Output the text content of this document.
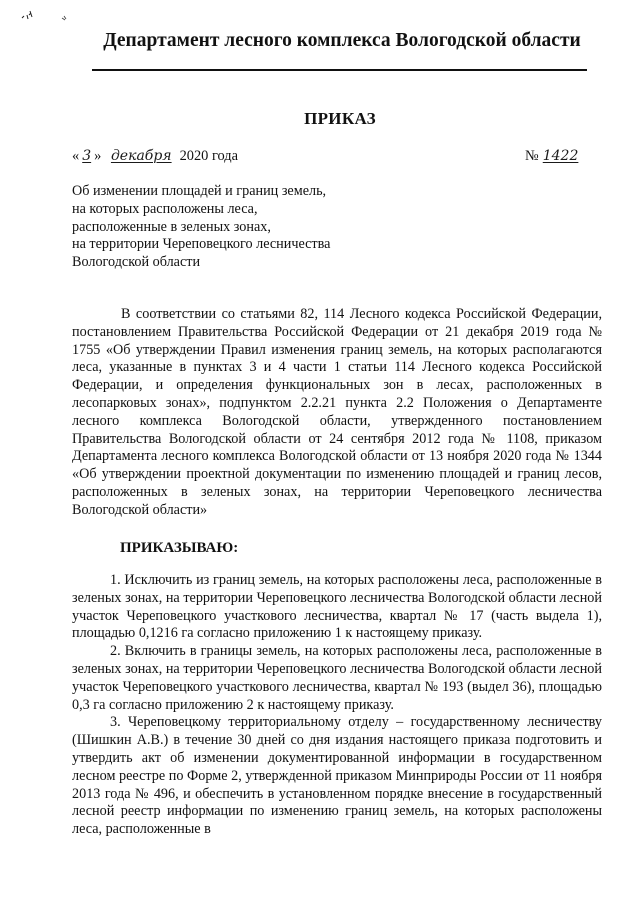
Департамент лесного комплекса Вологодской области
ПРИКАЗ
« 3 » декабря 2020 года	№ 1422
Об изменении площадей и границ земель,
на которых расположены леса,
расположенные в зеленых зонах,
на территории Череповецкого лесничества
Вологодской области

В соответствии со статьями 82, 114 Лесного кодекса Российской Федерации, постановлением Правительства Российской Федерации от 21 декабря 2019 года № 1755 «Об утверждении Правил изменения границ земель, на которых располагаются леса, указанные в пунктах 3 и 4 части 1 статьи 114 Лесного кодекса Российской Федерации, и определения функциональных зон в лесах, расположенных в лесопарковых зонах», подпунктом 2.2.21 пункта 2.2 Положения о Департаменте лесного комплекса Вологодской области, утвержденного постановлением Правительства Вологодской области от 24 сентября 2012 года № 1108, приказом Департамента лесного комплекса Вологодской области от 13 ноября 2020 года № 1344 «Об утверждении проектной документации по изменению площадей и границ лесов, расположенных в зеленых зонах, на территории Череповецкого лесничества Вологодской области»

ПРИКАЗЫВАЮ:

1. Исключить из границ земель, на которых расположены леса, расположенные в зеленых зонах, на территории Череповецкого лесничества Вологодской области лесной участок Череповецкого участкового лесничества, квартал № 17 (часть выдела 1), площадью 0,1216 га согласно приложению 1 к настоящему приказу.

2. Включить в границы земель, на которых расположены леса, расположенные в зеленых зонах, на территории Череповецкого лесничества Вологодской области лесной участок Череповецкого участкового лесничества, квартал № 193 (выдел 36), площадью 0,3 га согласно приложению 2 к настоящему приказу.

3. Череповецкому территориальному отделу – государственному лесничеству (Шишкин А.В.) в течение 30 дней со дня издания настоящего приказа подготовить и утвердить акт об изменении документированной информации в государственном лесном реестре по Форме 2, утвержденной приказом Минприроды России от 11 ноября 2013 года № 496, и обеспечить в установленном порядке внесение в государственный лесной реестр информации по изменению границ земель, на которых расположены леса, расположенные в
